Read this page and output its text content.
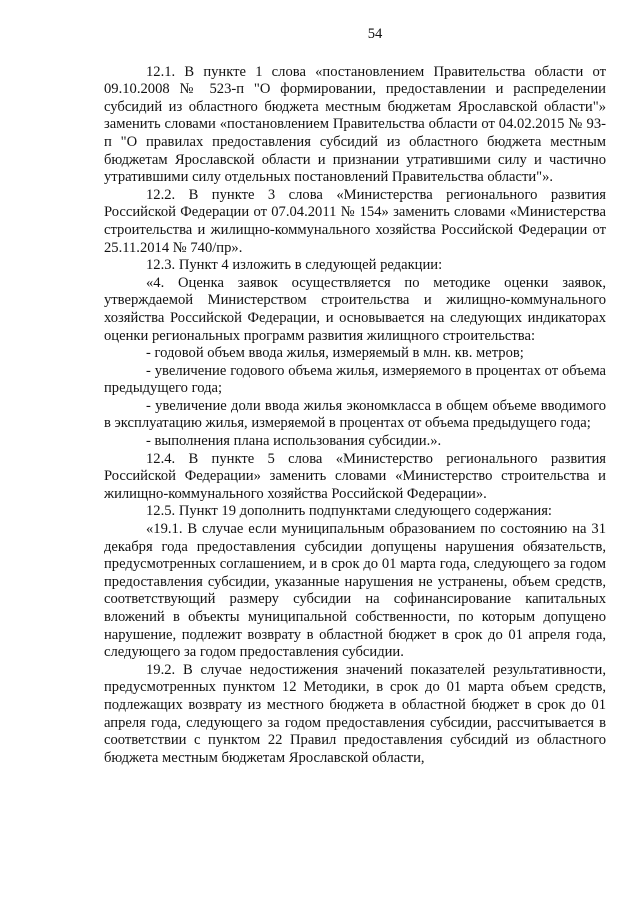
54

12.1. В пункте 1 слова «постановлением Правительства области от 09.10.2008 № 523-п "О формировании, предоставлении и распределении субсидий из областного бюджета местным бюджетам Ярославской области"» заменить словами «постановлением Правительства области от 04.02.2015 № 93-п "О правилах предоставления субсидий из областного бюджета местным бюджетам Ярославской области и признании утратившими силу и частично утратившими силу отдельных постановлений Правительства области"».

12.2. В пункте 3 слова «Министерства регионального развития Российской Федерации от 07.04.2011 № 154» заменить словами «Министерства строительства и жилищно-коммунального хозяйства Российской Федерации от 25.11.2014 № 740/пр».

12.3. Пункт 4 изложить в следующей редакции:

«4. Оценка заявок осуществляется по методике оценки заявок, утверждаемой Министерством строительства и жилищно-коммунального хозяйства Российской Федерации, и основывается на следующих индикаторах оценки региональных программ развития жилищного строительства:

- годовой объем ввода жилья, измеряемый в млн. кв. метров;

- увеличение годового объема жилья, измеряемого в процентах от объема предыдущего года;

- увеличение доли ввода жилья экономкласса в общем объеме вводимого в эксплуатацию жилья, измеряемой в процентах от объема предыдущего года;

- выполнения плана использования субсидии.».

12.4. В пункте 5 слова «Министерство регионального развития Российской Федерации» заменить словами «Министерство строительства и жилищно-коммунального хозяйства Российской Федерации».

12.5. Пункт 19 дополнить подпунктами следующего содержания:

«19.1. В случае если муниципальным образованием по состоянию на 31 декабря года предоставления субсидии допущены нарушения обязательств, предусмотренных соглашением, и в срок до 01 марта года, следующего за годом предоставления субсидии, указанные нарушения не устранены, объем средств, соответствующий размеру субсидии на софинансирование капитальных вложений в объекты муниципальной собственности, по которым допущено нарушение, подлежит возврату в областной бюджет в срок до 01 апреля года, следующего за годом предоставления субсидии.

19.2. В случае недостижения значений показателей результативности, предусмотренных пунктом 12 Методики, в срок до 01 марта объем средств, подлежащих возврату из местного бюджета в областной бюджет в срок до 01 апреля года, следующего за годом предоставления субсидии, рассчитывается в соответствии с пунктом 22 Правил предоставления субсидий из областного бюджета местным бюджетам Ярославской области,
